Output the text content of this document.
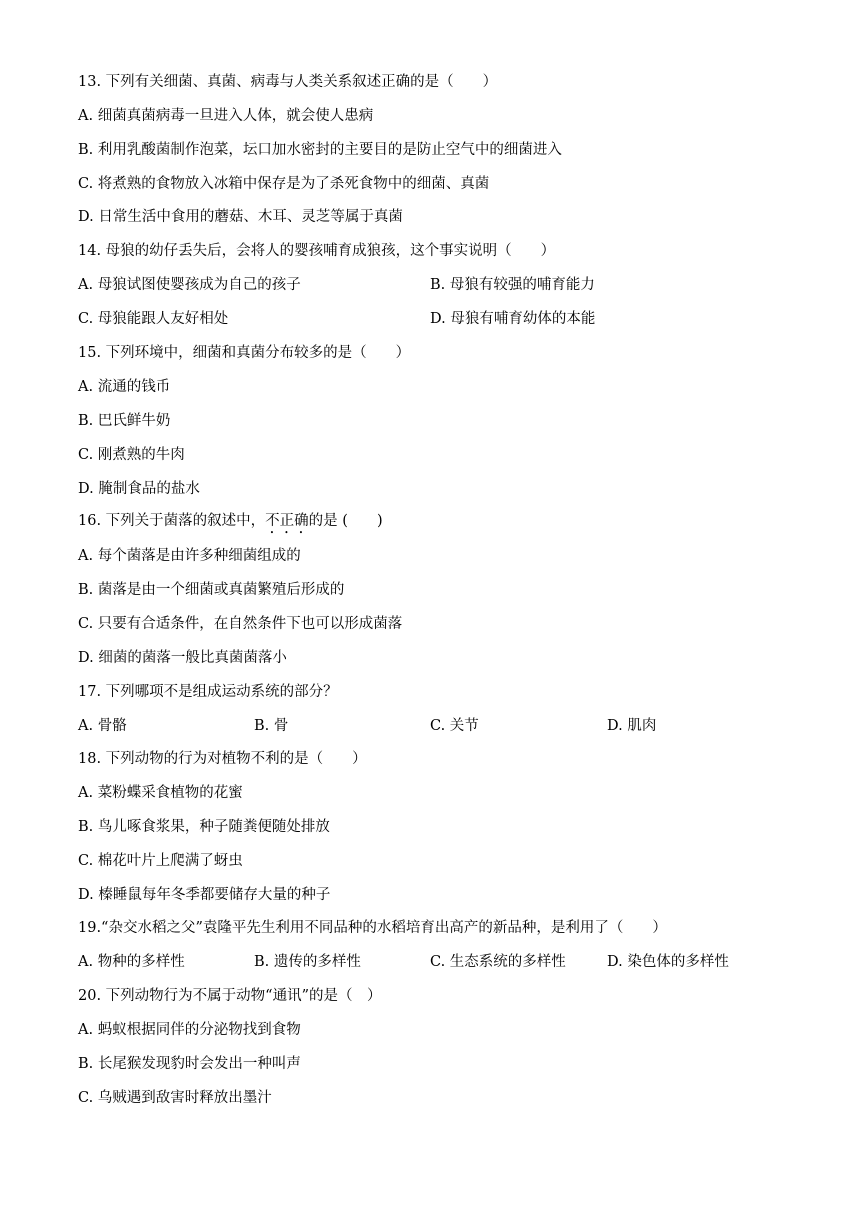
13. 下列有关细菌、真菌、病毒与人类关系叙述正确的是（　　）
A. 细菌真菌病毒一旦进入人体，就会使人患病
B. 利用乳酸菌制作泡菜，坛口加水密封的主要目的是防止空气中的细菌进入
C. 将煮熟的食物放入冰箱中保存是为了杀死食物中的细菌、真菌
D. 日常生活中食用的蘑菇、木耳、灵芝等属于真菌
14. 母狼的幼仔丢失后，会将人的婴孩哺育成狼孩，这个事实说明（　　）
A. 母狼试图使婴孩成为自己的孩子	B. 母狼有较强的哺育能力
C. 母狼能跟人友好相处	D. 母狼有哺育幼体的本能
15. 下列环境中，细菌和真菌分布较多的是（　　）
A. 流通的钱币
B. 巴氏鲜牛奶
C. 刚煮熟的牛肉
D. 腌制食品的盐水
16. 下列关于菌落的叙述中，不正确的是 (　　)
A. 每个菌落是由许多种细菌组成的
B. 菌落是由一个细菌或真菌繁殖后形成的
C. 只要有合适条件，在自然条件下也可以形成菌落
D. 细菌的菌落一般比真菌菌落小
17. 下列哪项不是组成运动系统的部分？
A. 骨骼	B. 骨	C. 关节	D. 肌肉
18. 下列动物的行为对植物不利的是（　　）
A. 菜粉蝶采食植物的花蜜
B. 鸟儿啄食浆果，种子随粪便随处排放
C. 棉花叶片上爬满了蚜虫
D. 榛睡鼠每年冬季都要储存大量的种子
19.“杂交水稻之父”袁隆平先生利用不同品种的水稻培育出高产的新品种，是利用了（　　）
A. 物种的多样性	B. 遗传的多样性	C. 生态系统的多样性	D. 染色体的多样性
20. 下列动物行为不属于动物“通讯”的是（　）
A. 蚂蚁根据同伴的分泌物找到食物
B. 长尾猴发现豹时会发出一种叫声
C. 乌贼遇到敌害时释放出墨汁
